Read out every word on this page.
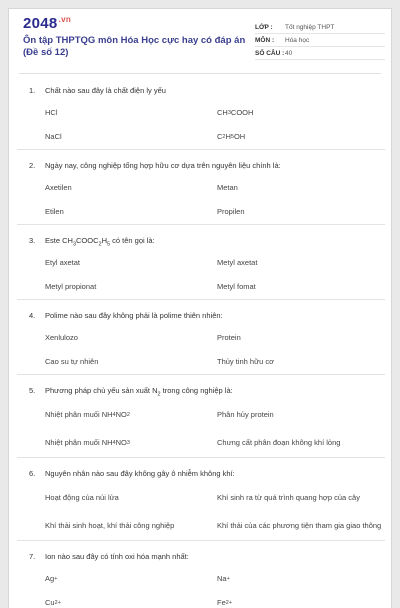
$2048^{.vn}$
Ôn tập THPTQG môn Hóa Học cực hay có đáp án (Đề số 12)
LỚP :	Tốt nghiệp THPT
MÔN :	Hóa học
SỐ CÂU : 40
1.	Chất nào sau đây là chất điện ly yếu
HCl	CH 3 COOH
NaCl	C 2 H 5 OH
2.	Ngày nay, công nghiệp tổng hợp hữu cơ dựa trên nguyên liệu chính là:
Axetilen	Metan
Etilen	Propilen
3.	Este $CH_3COOC_2H_5$ có tên gọi là:
Etyl axetat	Metyl axetat
Metyl propionat	Metyl fomat
4.	Polime nào sau đây không phải là polime thiên nhiên:
Xenlulozo	Protein
Cao su tự nhiên	Thủy tinh hữu cơ
5.	Phương pháp chủ yếu sản xuất $N_2$ trong công nghiệp là:
Nhiệt phân muối NH 4 NO 2	Phân hủy protein
Nhiệt phân muối NH 4 NO 3	Chưng cất phân đoạn không khí lỏng
6.	Nguyên nhân nào sau đây không gây ô nhiễm không khí:
Hoạt động của núi lửa	Khí sinh ra từ quá trình quang hợp của cây
Khí thải sinh hoạt, khí thải công nghiệp	Khí thải của các phương tiện tham gia giao thông
7.	Ion nào sau đây có tính oxi hóa mạnh nhất:
Ag +	Na +
Cu 2+	Fe 2+
